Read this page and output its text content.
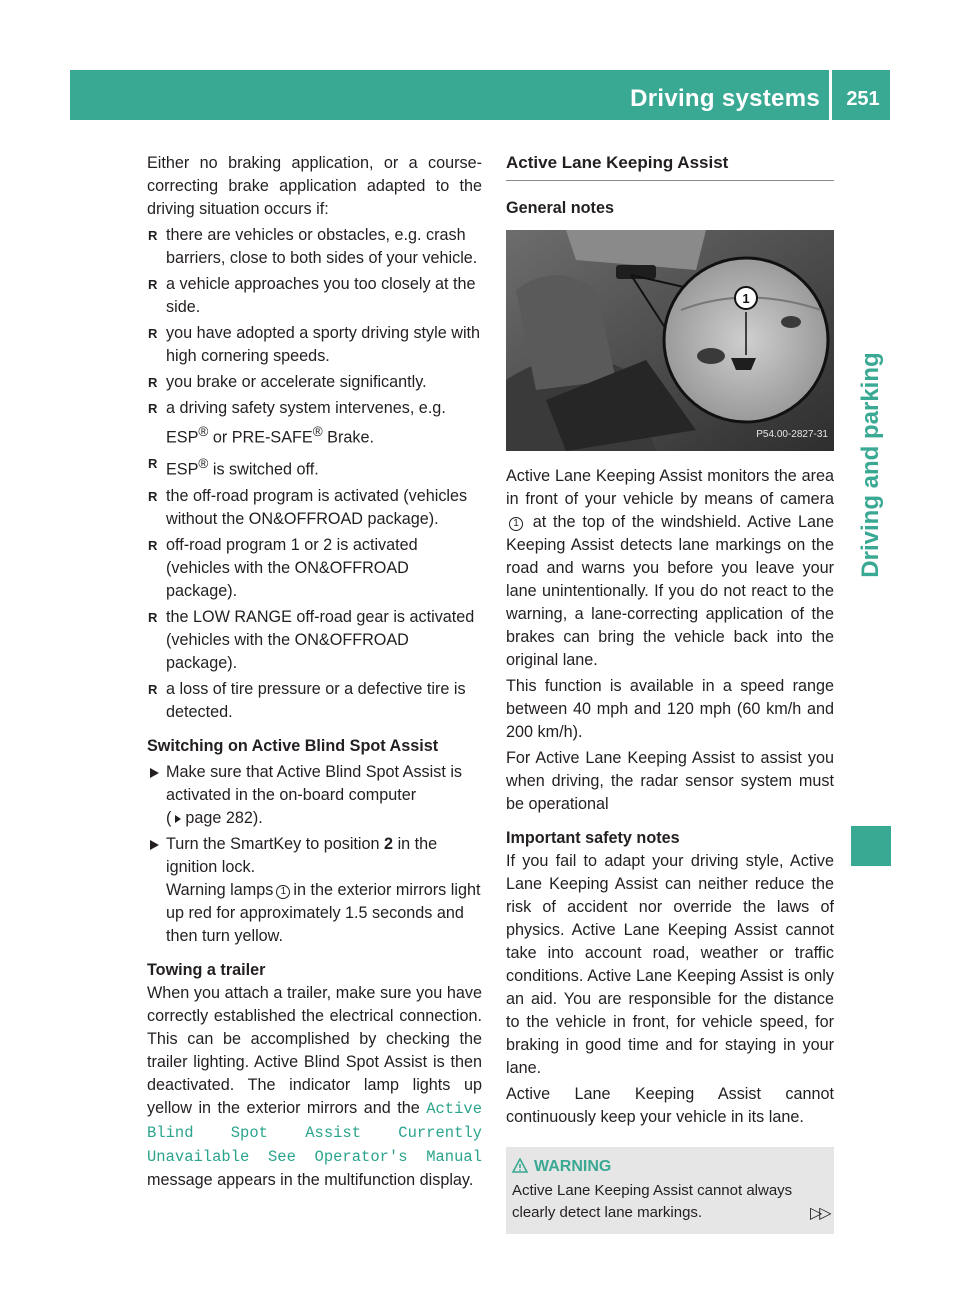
Driving systems	251
Driving and parking

Either no braking application, or a course-correcting brake application adapted to the driving situation occurs if:

R there are vehicles or obstacles, e.g. crash barriers, close to both sides of your vehicle.
R a vehicle approaches you too closely at the side.
R you have adopted a sporty driving style with high cornering speeds.
R you brake or accelerate significantly.
R a driving safety system intervenes, e.g.
ESP® or PRE-SAFE® Brake.
R ESP® is switched off.
R the off-road program is activated (vehicles without the ON&OFFROAD package).
R off-road program 1 or 2 is activated (vehicles with the ON&OFFROAD package).
R the LOW RANGE off-road gear is activated (vehicles with the ON&OFFROAD package).
R a loss of tire pressure or a defective tire is detected.
Switching on Active Blind Spot Assist
Make sure that Active Blind Spot Assist is activated in the on-board computer
( page 282).
Turn the SmartKey to position 2 in the ignition lock.
Warning lamps 1 in the exterior mirrors light up red for approximately 1.5 seconds and then turn yellow.
Towing a trailer

When you attach a trailer, make sure you have correctly established the electrical connection. This can be accomplished by checking the trailer lighting. Active Blind Spot Assist is then deactivated. The indicator lamp lights up yellow in the exterior mirrors and the Active Blind Spot Assist Currently Unavailable See Operator's Manual message appears in the multifunction display.

Active Lane Keeping Assist
General notes
1
P54.00-2827-31

Active Lane Keeping Assist monitors the area in front of your vehicle by means of camera1 at the top of the windshield. Active Lane Keeping Assist detects lane markings on the road and warns you before you leave your lane unintentionally. If you do not react to the warning, a lane-correcting application of the brakes can bring the vehicle back into the original lane.

This function is available in a speed range between 40 mph and 120 mph (60 km/h and 200 km/h).

For Active Lane Keeping Assist to assist you when driving, the radar sensor system must be operational

Important safety notes

If you fail to adapt your driving style, Active Lane Keeping Assist can neither reduce the risk of accident nor override the laws of physics. Active Lane Keeping Assist cannot take into account road, weather or traffic conditions. Active Lane Keeping Assist is only an aid. You are responsible for the distance to the vehicle in front, for vehicle speed, for braking in good time and for staying in your lane.

Active Lane Keeping Assist cannot continuously keep your vehicle in its lane.

WARNING
Active Lane Keeping Assist cannot always clearly detect lane markings.	▷▷
